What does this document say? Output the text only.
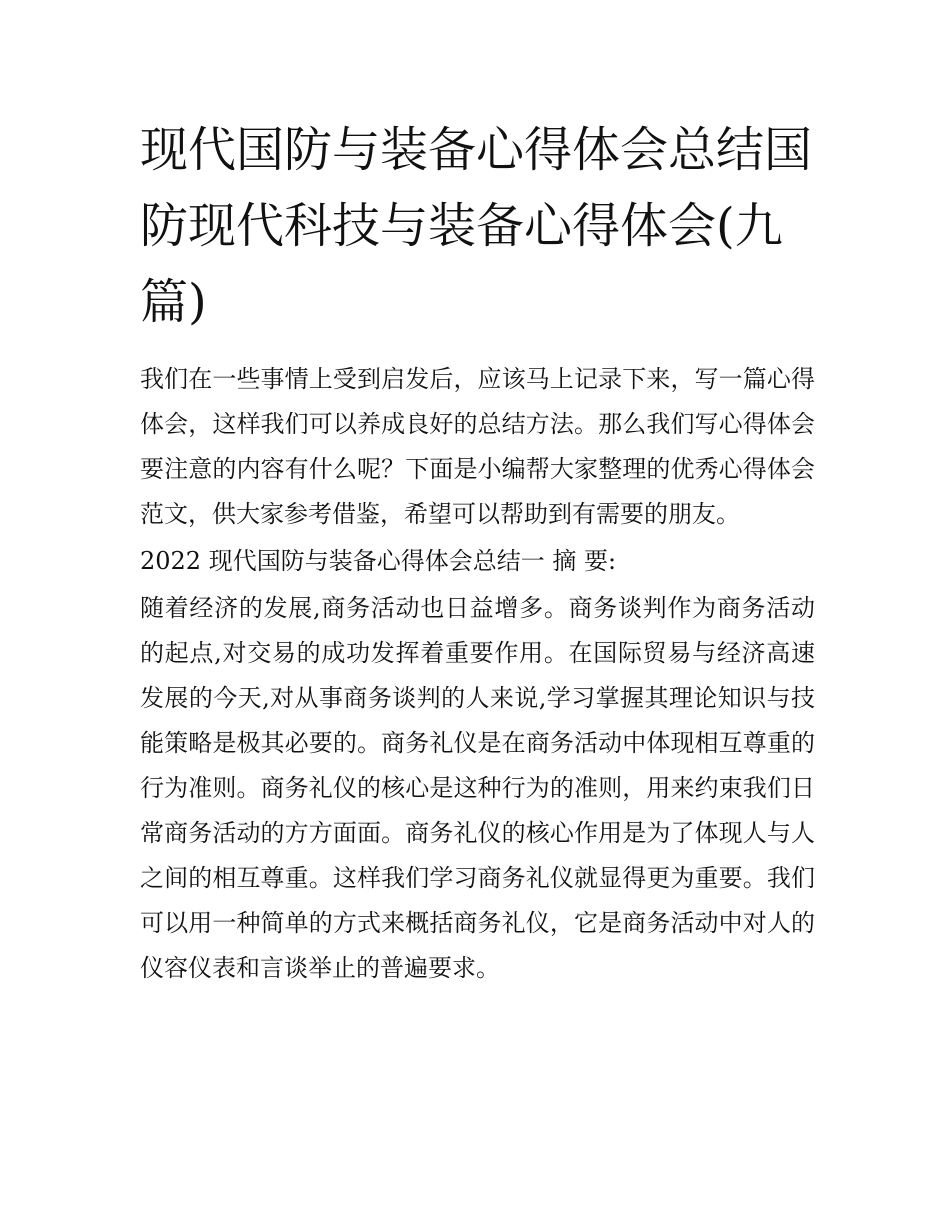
现代国防与装备心得体会总结国防现代科技与装备心得体会(九篇)

我们在一些事情上受到启发后，应该马上记录下来，写一篇心得体会，这样我们可以养成良好的总结方法。那么我们写心得体会要注意的内容有什么呢？下面是小编帮大家整理的优秀心得体会范文，供大家参考借鉴，希望可以帮助到有需要的朋友。

2022 现代国防与装备心得体会总结一 摘 要:

随着经济的发展,商务活动也日益增多。商务谈判作为商务活动的起点,对交易的成功发挥着重要作用。在国际贸易与经济高速发展的今天,对从事商务谈判的人来说,学习掌握其理论知识与技能策略是极其必要的。商务礼仪是在商务活动中体现相互尊重的行为准则。商务礼仪的核心是这种行为的准则，用来约束我们日常商务活动的方方面面。商务礼仪的核心作用是为了体现人与人之间的相互尊重。这样我们学习商务礼仪就显得更为重要。我们可以用一种简单的方式来概括商务礼仪，它是商务活动中对人的仪容仪表和言谈举止的普遍要求。
